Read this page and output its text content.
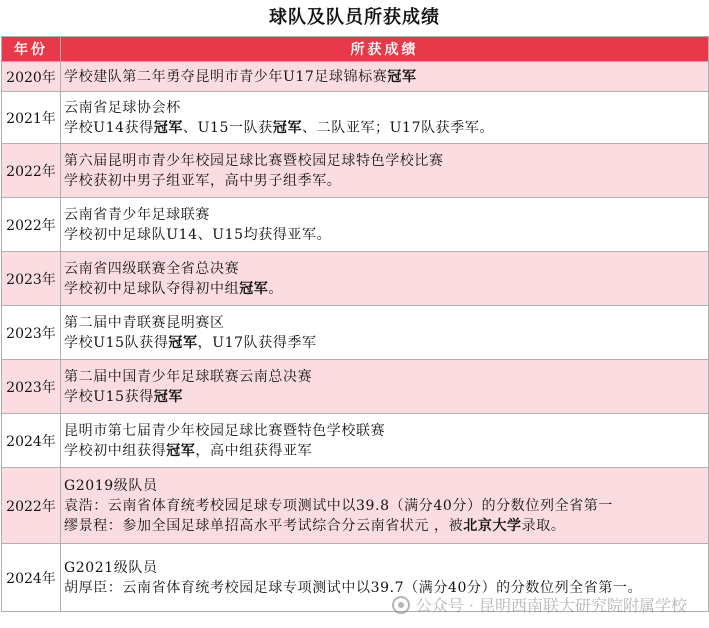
球队及队员所获成绩
年份	所获成绩
2020年	学校建队第二年勇夺昆明市青少年U17足球锦标赛冠军

2021年	云南省足球协会杯
学校U14获得冠军、U15一队获冠军、二队亚军；U17队获季军。

2022年	第六届昆明市青少年校园足球比赛暨校园足球特色学校比赛
学校获初中男子组亚军，高中男子组季军。

2022年	云南省青少年足球联赛
学校初中足球队U14、U15均获得亚军。

2023年	云南省四级联赛全省总决赛
学校初中足球队夺得初中组冠军。

2023年	第二届中青联赛昆明赛区
学校U15队获得冠军，U17队获得季军

2023年	第二届中国青少年足球联赛云南总决赛
学校U15获得冠军

2024年	昆明市第七届青少年校园足球比赛暨特色学校联赛
学校初中组获得冠军，高中组获得亚军

2022年	G2019级队员
袁浩：云南省体育统考校园足球专项测试中以39.8（满分40分）的分数位列全省第一
缪景程：参加全国足球单招高水平考试综合分云南省状元 ，被北京大学录取。

2024年	G2021级队员
胡厚臣：云南省体育统考校园足球专项测试中以39.7（满分40分）的分数位列全省第一。
公众号 · 昆明西南联大研究院附属学校
